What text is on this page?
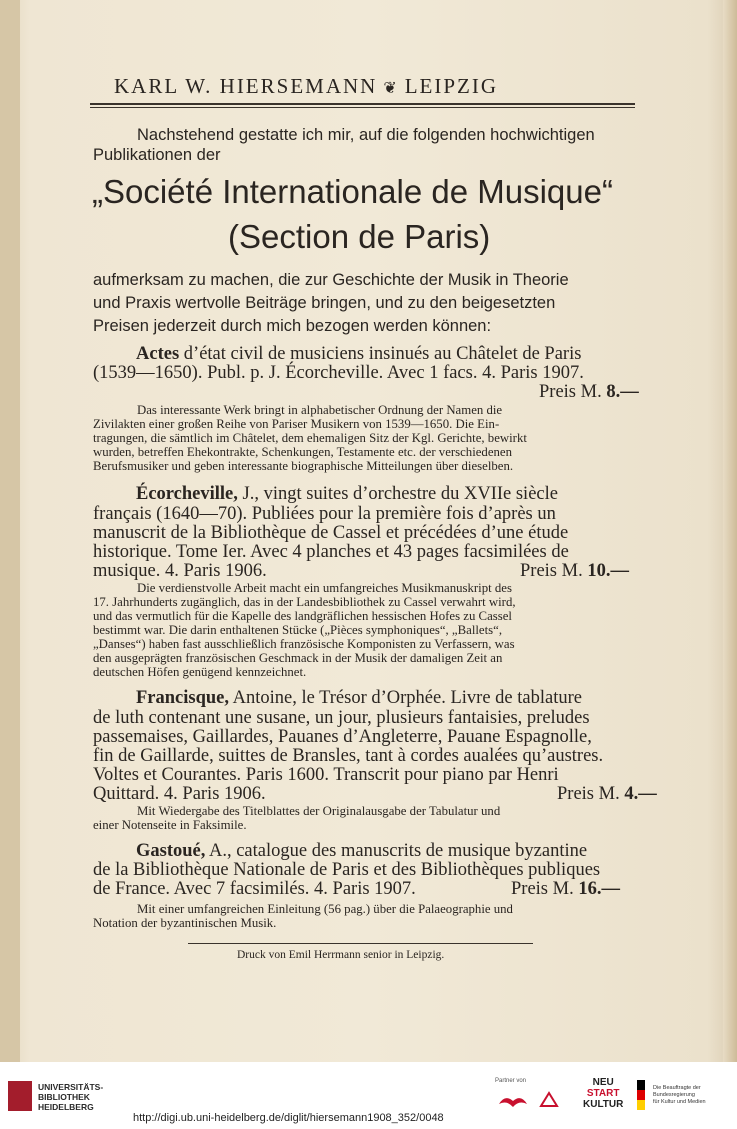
KARL W. HIERSEMANN ❦ LEIPZIG
Nachstehend gestatte ich mir, auf die folgenden hochwichtigen
Publikationen der
„Société Internationale de Musique“
(Section de Paris)
aufmerksam zu machen, die zur Geschichte der Musik in Theorie
und Praxis wertvolle Beiträge bringen, und zu den beigesetzten
Preisen jederzeit durch mich bezogen werden können:
Actes d’état civil de musiciens insinués au Châtelet de Paris
(1539—1650). Publ. p. J. Écorcheville. Avec 1 facs. 4. Paris 1907.
Preis M. 8.—
Das interessante Werk bringt in alphabetischer Ordnung der Namen die
Zivilakten einer großen Reihe von Pariser Musikern von 1539—1650. Die Ein-
tragungen, die sämtlich im Châtelet, dem ehemaligen Sitz der Kgl. Gerichte, bewirkt
wurden, betreffen Ehekontrakte, Schenkungen, Testamente etc. der verschiedenen
Berufsmusiker und geben interessante biographische Mitteilungen über dieselben.
Écorcheville, J., vingt suites d’orchestre du XVIIe siècle
français (1640—70). Publiées pour la première fois d’après un
manuscrit de la Bibliothèque de Cassel et précédées d’une étude
historique. Tome Ier. Avec 4 planches et 43 pages facsimilées de
musique. 4. Paris 1906.	Preis M. 10.—
Die verdienstvolle Arbeit macht ein umfangreiches Musikmanuskript des
17. Jahrhunderts zugänglich, das in der Landesbibliothek zu Cassel verwahrt wird,
und das vermutlich für die Kapelle des landgräflichen hessischen Hofes zu Cassel
bestimmt war. Die darin enthaltenen Stücke („Pièces symphoniques“, „Ballets“,
„Danses“) haben fast ausschließlich französische Komponisten zu Verfassern, was
den ausgeprägten französischen Geschmack in der Musik der damaligen Zeit an
deutschen Höfen genügend kennzeichnet.
Francisque, Antoine, le Trésor d’Orphée. Livre de tablature
de luth contenant une susane, un jour, plusieurs fantaisies, preludes
passemaises, Gaillardes, Pauanes d’Angleterre, Pauane Espagnolle,
fin de Gaillarde, suittes de Bransles, tant à cordes aualées qu’austres.
Voltes et Courantes. Paris 1600. Transcrit pour piano par Henri
Quittard. 4. Paris 1906.	Preis M. 4.—
Mit Wiedergabe des Titelblattes der Originalausgabe der Tabulatur und
einer Notenseite in Faksimile.
Gastoué, A., catalogue des manuscrits de musique byzantine
de la Bibliothèque Nationale de Paris et des Bibliothèques publiques
de France. Avec 7 facsimilés. 4. Paris 1907.	Preis M. 16.—
Mit einer umfangreichen Einleitung (56 pag.) über die Palaeographie und
Notation der byzantinischen Musik.
Druck von Emil Herrmann senior in Leipzig.
UNIVERSITÄTS-
BIBLIOTHEK
HEIDELBERG
Partner von	NEU
START
KULTUR
Die Beauftragte der Bundesregierung
für Kultur und Medien
http://digi.ub.uni-heidelberg.de/diglit/hiersemann1908_352/0048
